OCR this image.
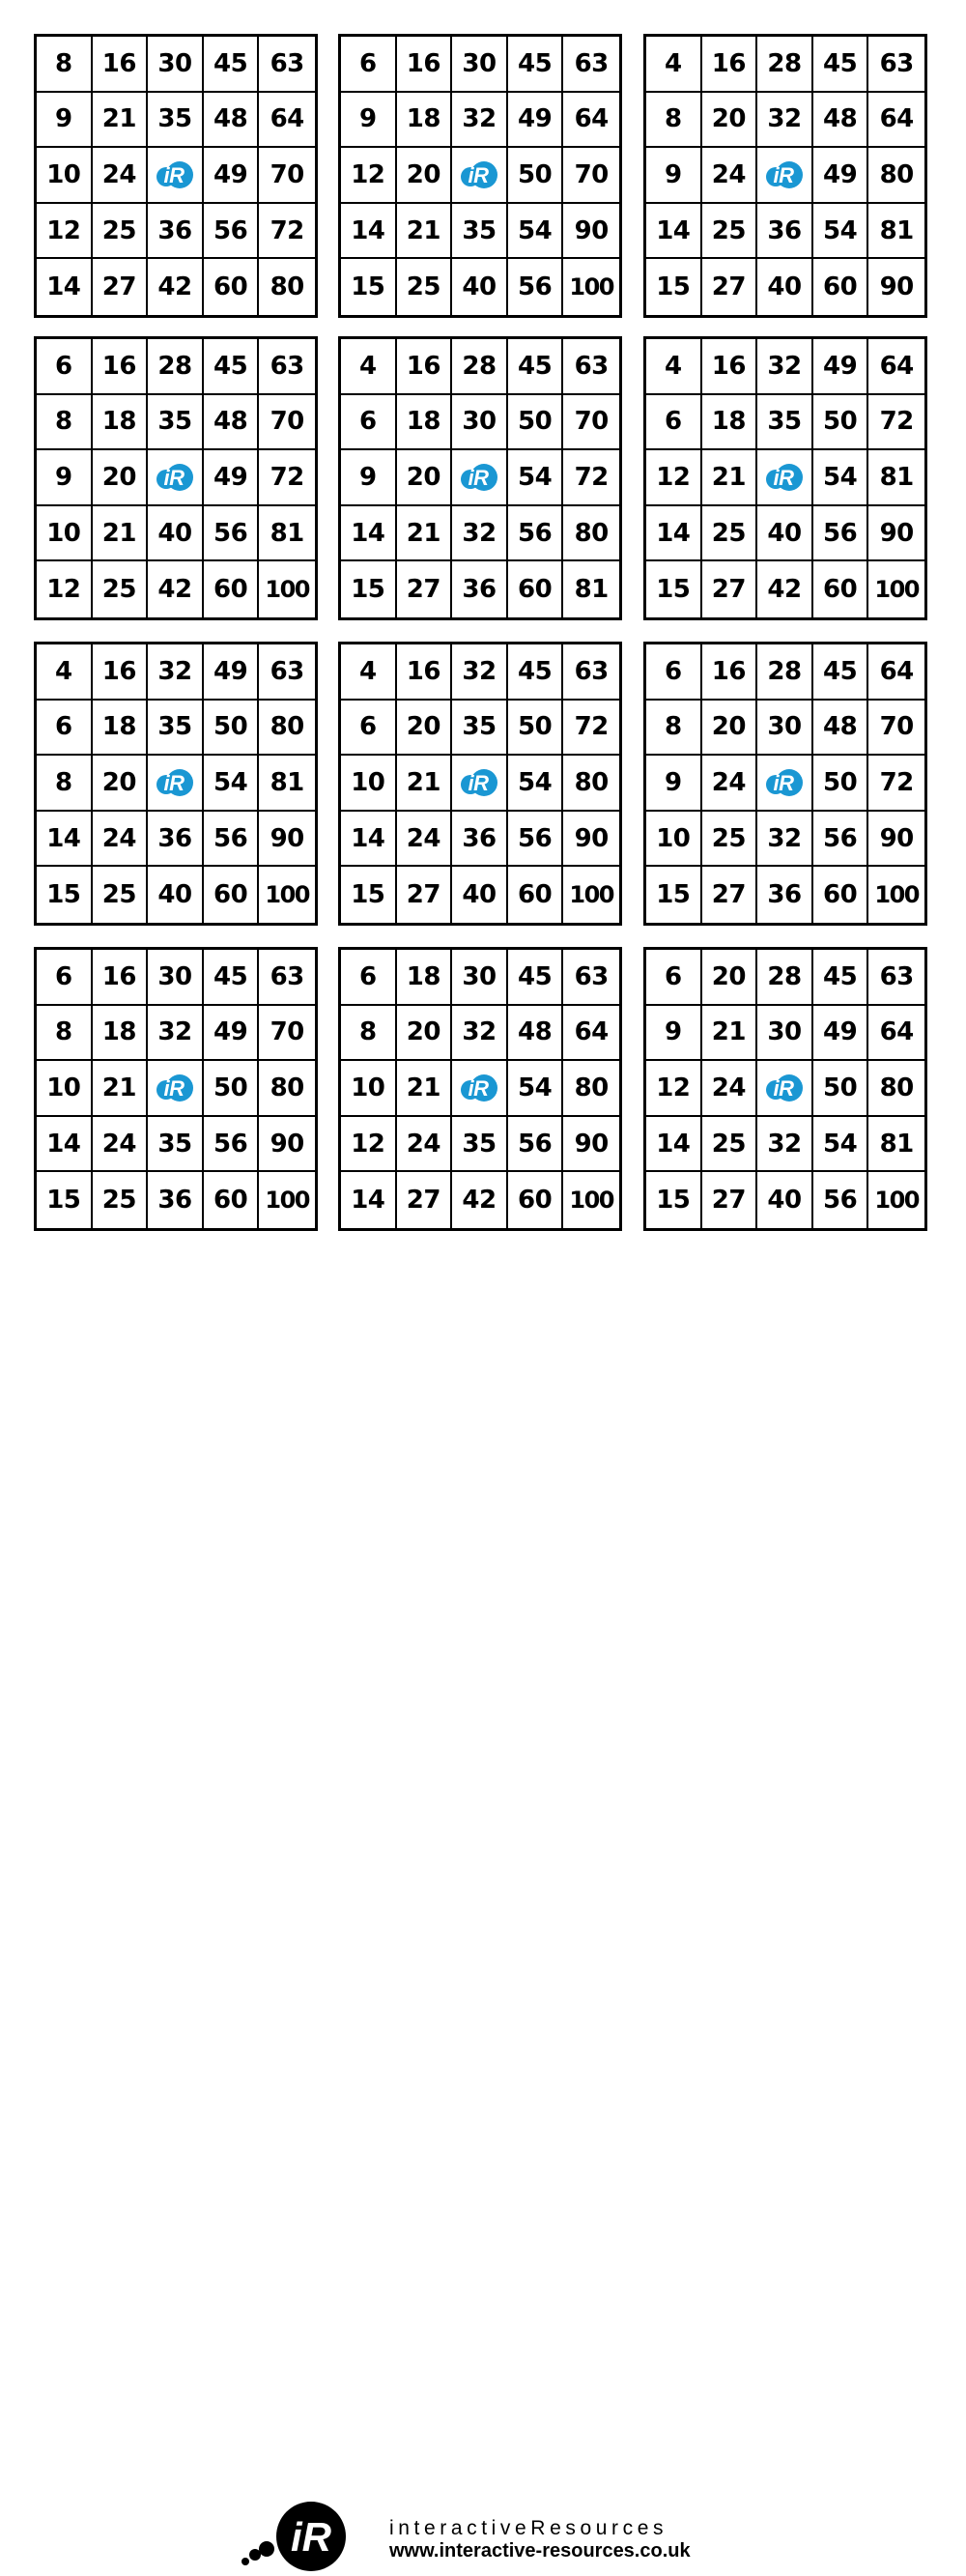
8	16 30 45 63
9	21 35 48 64
10 24	iR	49 70
12 25 36 56 72
14 27 42 60 80
6	16 30 45 63
9	18 32 49 64
12 20	iR	50 70
14 21 35 54 90
15 25 40 56 100
4	16 28 45 63
8	20 32 48 64
9	24	iR	49 80
14 25 36 54 81
15 27 40 60 90
6	16 28 45 63
8	18 35 48 70
9	20	iR	49 72
10 21 40 56 81
12 25 42 60 100
4	16 28 45 63
6	18 30 50 70
9	20	iR	54 72
14 21 32 56 80
15 27 36 60 81
4	16 32 49 64
6	18 35 50 72
12 21	iR	54 81
14 25 40 56 90
15 27 42 60 100
4	16 32 49 63
6	18 35 50 80
8	20	iR	54 81
14 24 36 56 90
15 25 40 60 100
4	16 32 45 63
6	20 35 50 72
10 21	iR	54 80
14 24 36 56 90
15 27 40 60 100
6	16 28 45 64
8	20 30 48 70
9	24	iR	50 72
10 25 32 56 90
15 27 36 60 100
6	16 30 45 63
8	18 32 49 70
10 21	iR	50 80
14 24 35 56 90
15 25 36 60 100
6	18 30 45 63
8	20 32 48 64
10 21	iR	54 80
12 24 35 56 90
14 27 42 60 100
6	20 28 45 63
9	21 30 49 64
12 24	iR	50 80
14 25 32 54 81
15 27 40 56 100
iR	interactiveResources
www.interactive-resources.co.uk
